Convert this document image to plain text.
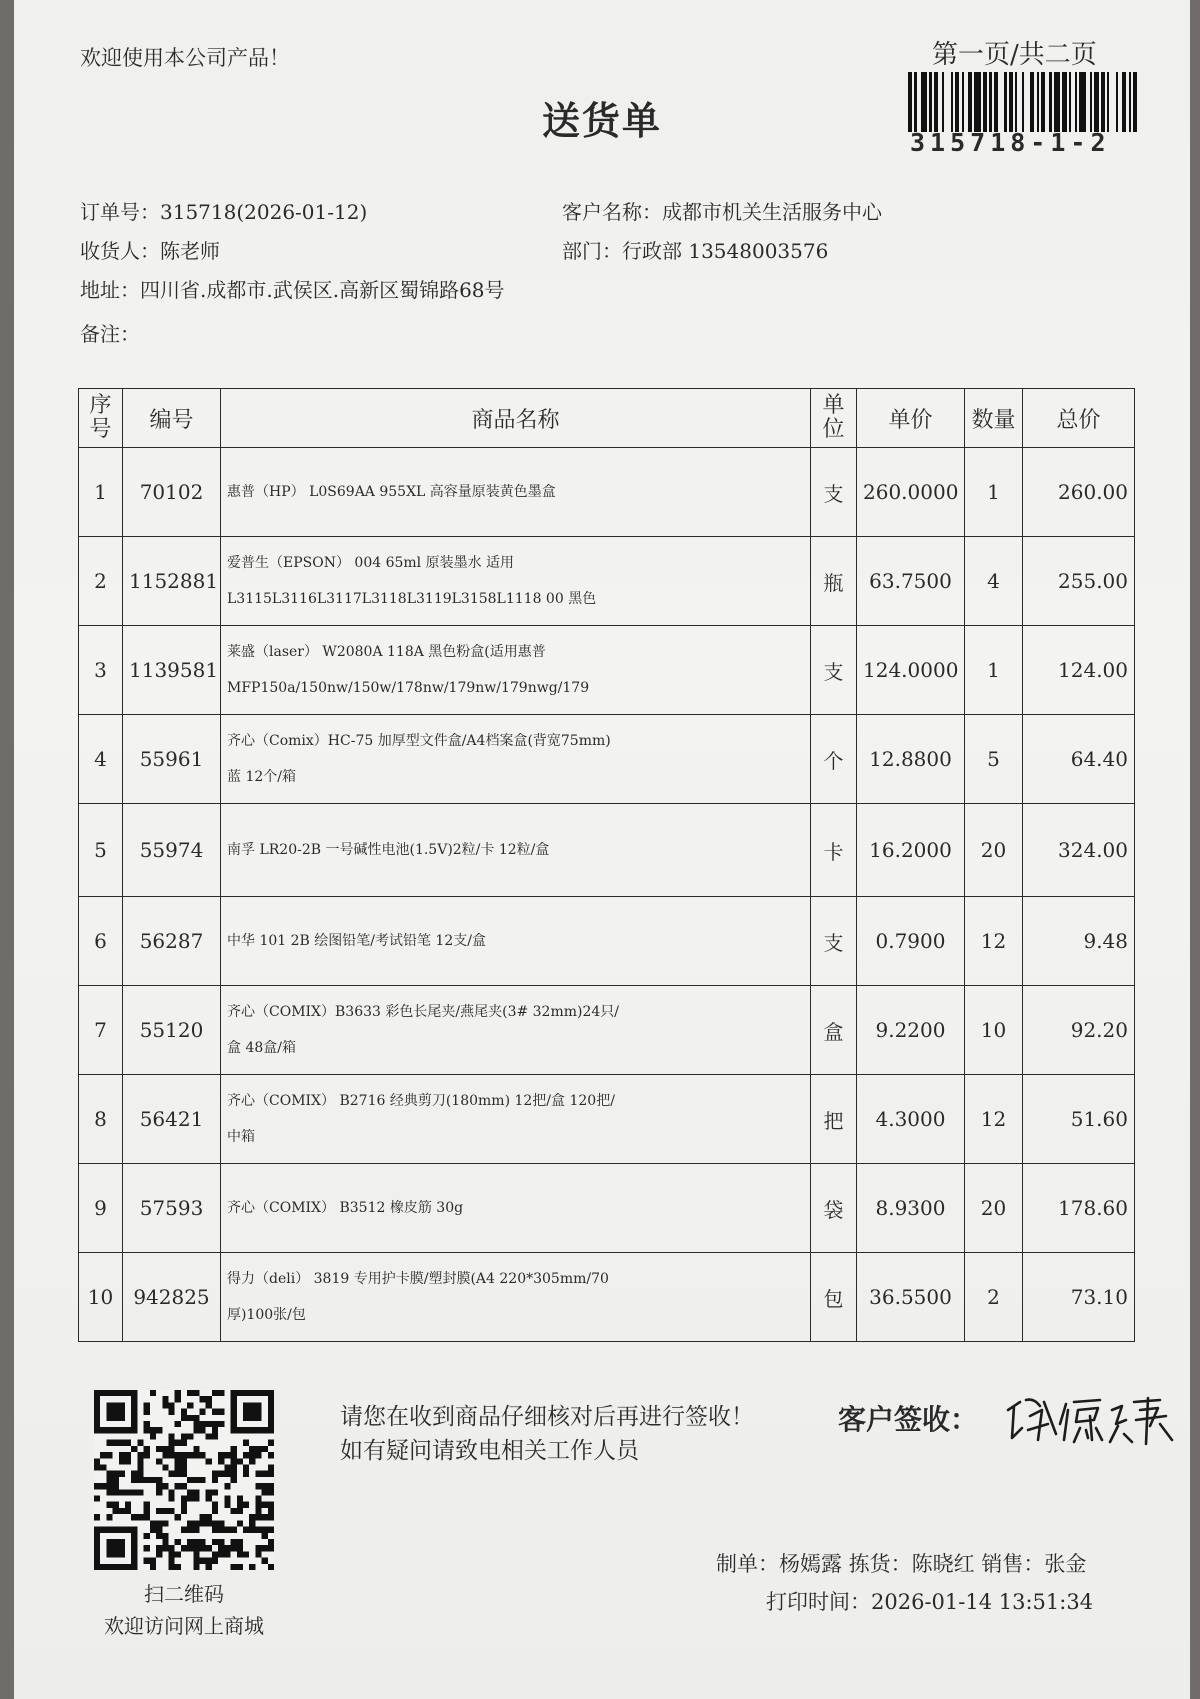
欢迎使用本公司产品！	第一页/共二页
送货单	315718-1-2
订单号：315718(2026-01-12)
收货人：陈老师
地址：四川省.成都市.武侯区.高新区蜀锦路68号
备注：
客户名称：成都市机关生活服务中心
部门：行政部 13548003576
序号	编号	商品名称	单位	单价	数量	总价
1	70102	惠普（HP） L0S69AA 955XL 高容量原装黄色墨盒	支	260.0000	1	260.00
2	1152881	爱普生（EPSON） 004 65ml 原装墨水 适用
L3115L3116L3117L3118L3119L3158L1118 00 黑色	瓶	63.7500	4	255.00
3	1139581	莱盛（laser） W2080A 118A 黑色粉盒(适用惠普
MFP150a/150nw/150w/178nw/179nw/179nwg/179	支	124.0000	1	124.00
4	55961	齐心（Comix）HC-75 加厚型文件盒/A4档案盒(背宽75mm)
蓝 12个/箱	个	12.8800	5	64.40
5	55974	南孚 LR20-2B 一号碱性电池(1.5V)2粒/卡 12粒/盒	卡	16.2000	20	324.00
6	56287	中华 101 2B 绘图铅笔/考试铅笔 12支/盒	支	0.7900	12	9.48
7	55120	齐心（COMIX）B3633 彩色长尾夹/燕尾夹(3# 32mm)24只/
盒 48盒/箱	盒	9.2200	10	92.20
8	56421	齐心（COMIX） B2716 经典剪刀(180mm) 12把/盒 120把/
中箱	把	4.3000	12	51.60
9	57593	齐心（COMIX） B3512 橡皮筋 30g	袋	8.9300	20	178.60
10	942825	得力（deli） 3819 专用护卡膜/塑封膜(A4 220*305mm/70
厚)100张/包	包	36.5500	2	73.10
扫二维码
欢迎访问网上商城
请您在收到商品仔细核对后再进行签收！如有疑问请致电相关工作人员
客户签收：
制单：杨嫣露 拣货：陈晓红 销售：张金
打印时间：2026-01-14 13:51:34
